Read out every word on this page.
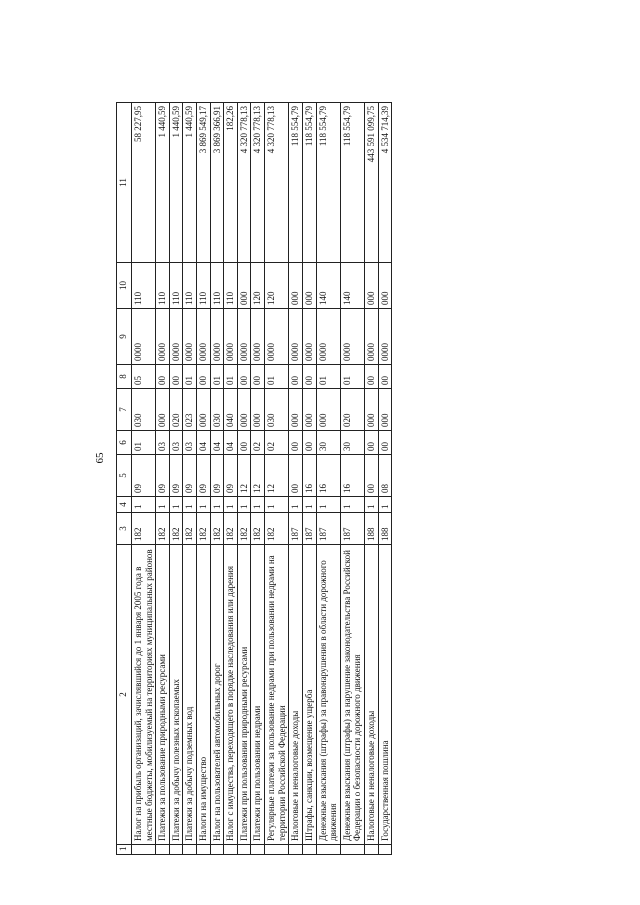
65
1	2	3	4	5	6	7	8	9	10	11
	Налог на прибыль организаций, зачислявшийся до 1 января 2005 года в местные бюджеты, мобилизуемый на территориях муниципальных районов	182	1	09	01	030	05	0000	110	58 227,95
	Платежи за пользование природными ресурсами	182	1	09	03	000	00	0000	110	1 440,59
	Платежи за добычу полезных ископаемых	182	1	09	03	020	00	0000	110	1 440,59
	Платежи за добычу подземных вод	182	1	09	03	023	01	0000	110	1 440,59
	Налоги на имущество	182	1	09	04	000	00	0000	110	3 869 549,17
	Налог на пользователей автомобильных дорог	182	1	09	04	030	01	0000	110	3 869 366,91
	Налог с имущества, переходящего в порядке наследования или дарения	182	1	09	04	040	01	0000	110	182,26
	Платежи при пользовании природными ресурсами	182	1	12	00	000	00	0000	000	4 320 778,13
	Платежи при пользовании недрами	182	1	12	02	000	00	0000	120	4 320 778,13
	Регулярные платежи за пользование недрами при пользовании недрами на территории Российской Федерации	182	1	12	02	030	01	0000	120	4 320 778,13
	Налоговые и неналоговые доходы	187	1	00	00	000	00	0000	000	118 554,79
	Штрафы, санкции, возмещение ущерба	187	1	16	00	000	00	0000	000	118 554,79
	Денежные взыскания (штрафы) за правонарушения в области дорожного движения	187	1	16	30	000	01	0000	140	118 554,79
	Денежные взыскания (штрафы) за нарушение законодательства Российской Федерации о безопасности дорожного движения	187	1	16	30	020	01	0000	140	118 554,79
	Налоговые и неналоговые доходы	188	1	00	00	000	00	0000	000	443 591 099,75
	Государственная пошлина	188	1	08	00	000	00	0000	000	4 534 714,39
